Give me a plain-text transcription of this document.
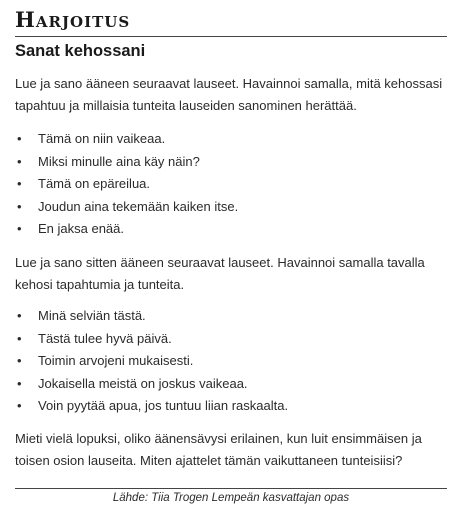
Harjoitus
Sanat kehossani

Lue ja sano ääneen seuraavat lauseet. Havainnoi samalla, mitä kehossasi tapahtuu ja millaisia tunteita lauseiden sanominen herättää.

• Tämä on niin vaikeaa.
• Miksi minulle aina käy näin?
• Tämä on epäreilua.
• Joudun aina tekemään kaiken itse.
• En jaksa enää.

Lue ja sano sitten ääneen seuraavat lauseet. Havainnoi samalla tavalla kehosi tapahtumia ja tunteita.

• Minä selviän tästä.
• Tästä tulee hyvä päivä.
• Toimin arvojeni mukaisesti.
• Jokaisella meistä on joskus vaikeaa.
• Voin pyytää apua, jos tuntuu liian raskaalta.

Mieti vielä lopuksi, oliko äänensävysi erilainen, kun luit ensimmäisen ja toisen osion lauseita. Miten ajattelet tämän vaikuttaneen tunteisiisi?

Lähde: Tiia Trogen Lempeän kasvattajan opas
